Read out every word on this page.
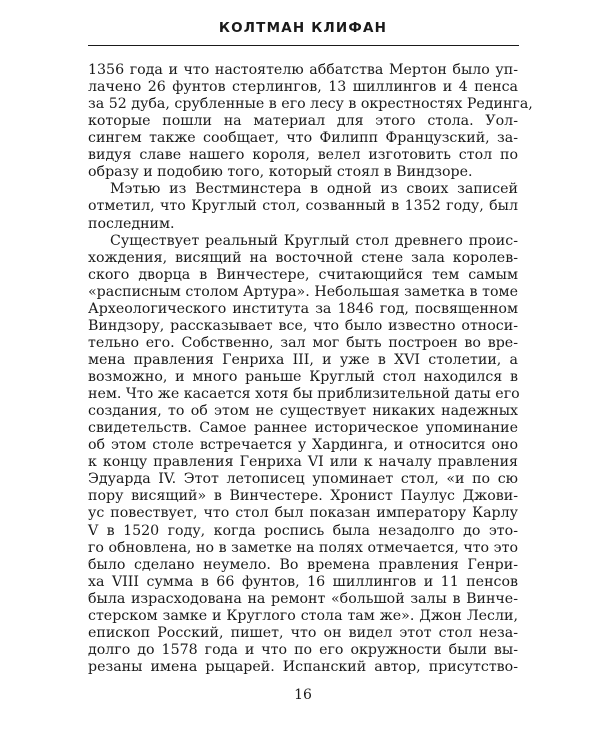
КОЛТМАН КЛИФАН
1356 года и что настоятелю аббатства Мертон было уп-
лачено 26 фунтов стерлингов, 13 шиллингов и 4 пенса
за 52 дуба, срубленные в его лесу в окрестностях Рединга,
которые пошли на материал для этого стола. Уол-
сингем также сообщает, что Филипп Французский, за-
видуя славе нашего короля, велел изготовить стол по
образу и подобию того, который стоял в Виндзоре.
Мэтью из Вестминстера в одной из своих записей
отметил, что Круглый стол, созванный в 1352 году, был
последним.
Существует реальный Круглый стол древнего проис-
хождения, висящий на восточной стене зала королев-
ского дворца в Винчестере, считающийся тем самым
«расписным столом Артура». Небольшая заметка в томе
Археологического института за 1846 год, посвященном
Виндзору, рассказывает все, что было известно относи-
тельно его. Собственно, зал мог быть построен во вре-
мена правления Генриха III, и уже в XVI столетии, а
возможно, и много раньше Круглый стол находился в
нем. Что же касается хотя бы приблизительной даты его
создания, то об этом не существует никаких надежных
свидетельств. Самое раннее историческое упоминание
об этом столе встречается у Хардинга, и относится оно
к концу правления Генриха VI или к началу правления
Эдуарда IV. Этот летописец упоминает стол, «и по сю
пору висящий» в Винчестере. Хронист Паулус Джови-
ус повествует, что стол был показан императору Карлу
V в 1520 году, когда роспись была незадолго до это-
го обновлена, но в заметке на полях отмечается, что это
было сделано неумело. Во времена правления Генри-
ха VIII сумма в 66 фунтов, 16 шиллингов и 11 пенсов
была израсходована на ремонт «большой залы в Винче-
стерском замке и Круглого стола там же». Джон Лесли,
епископ Росский, пишет, что он видел этот стол неза-
долго до 1578 года и что по его окружности были вы-
резаны имена рыцарей. Испанский автор, присутство-
16
